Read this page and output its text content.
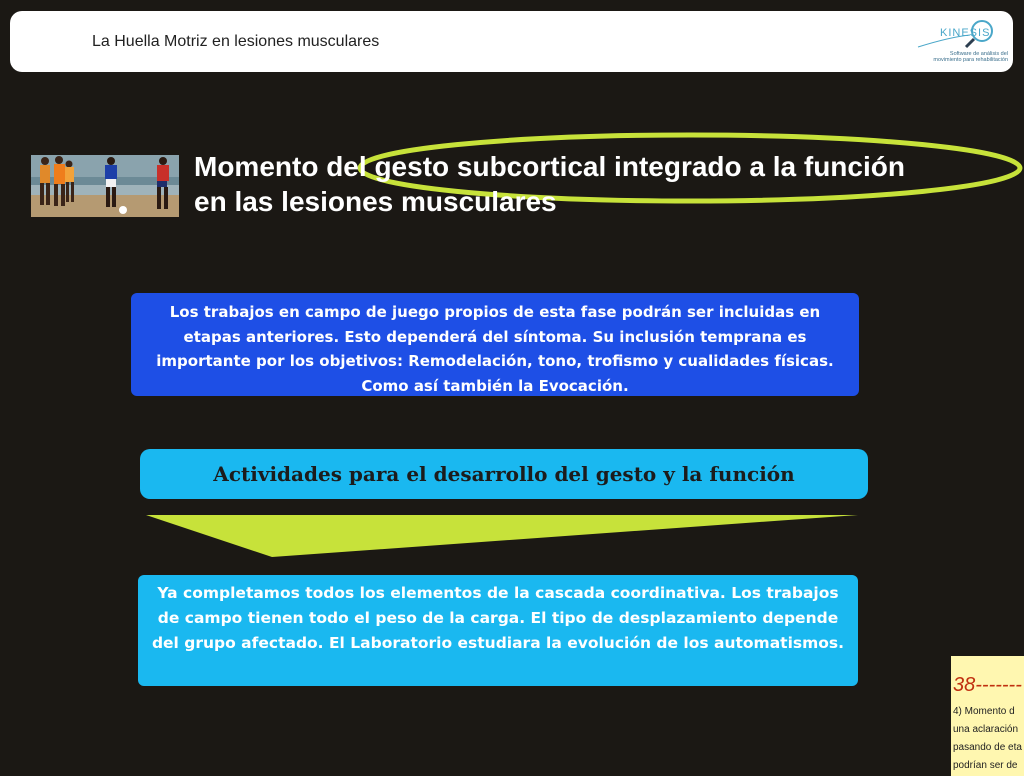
La Huella Motriz en lesiones musculares	KINESIS
Software de análisis del movimiento para rehabilitación
Momento del gesto subcortical integrado a la función
en las lesiones musculares
Los trabajos en campo de juego propios de esta fase podrán ser incluidas en etapas anteriores. Esto dependerá del síntoma. Su inclusión temprana es importante por los objetivos: Remodelación, tono, trofismo y cualidades físicas. Como así también la Evocación.
Actividades para el desarrollo del gesto y la función
Ya completamos todos los elementos de la cascada coordinativa. Los trabajos de campo tienen todo el peso de la carga. El tipo de desplazamiento depende del grupo afectado. El Laboratorio estudiara la evolución de los automatismos.
38-------
4) Momento d
una aclaración
pasando de eta
podrían ser de
